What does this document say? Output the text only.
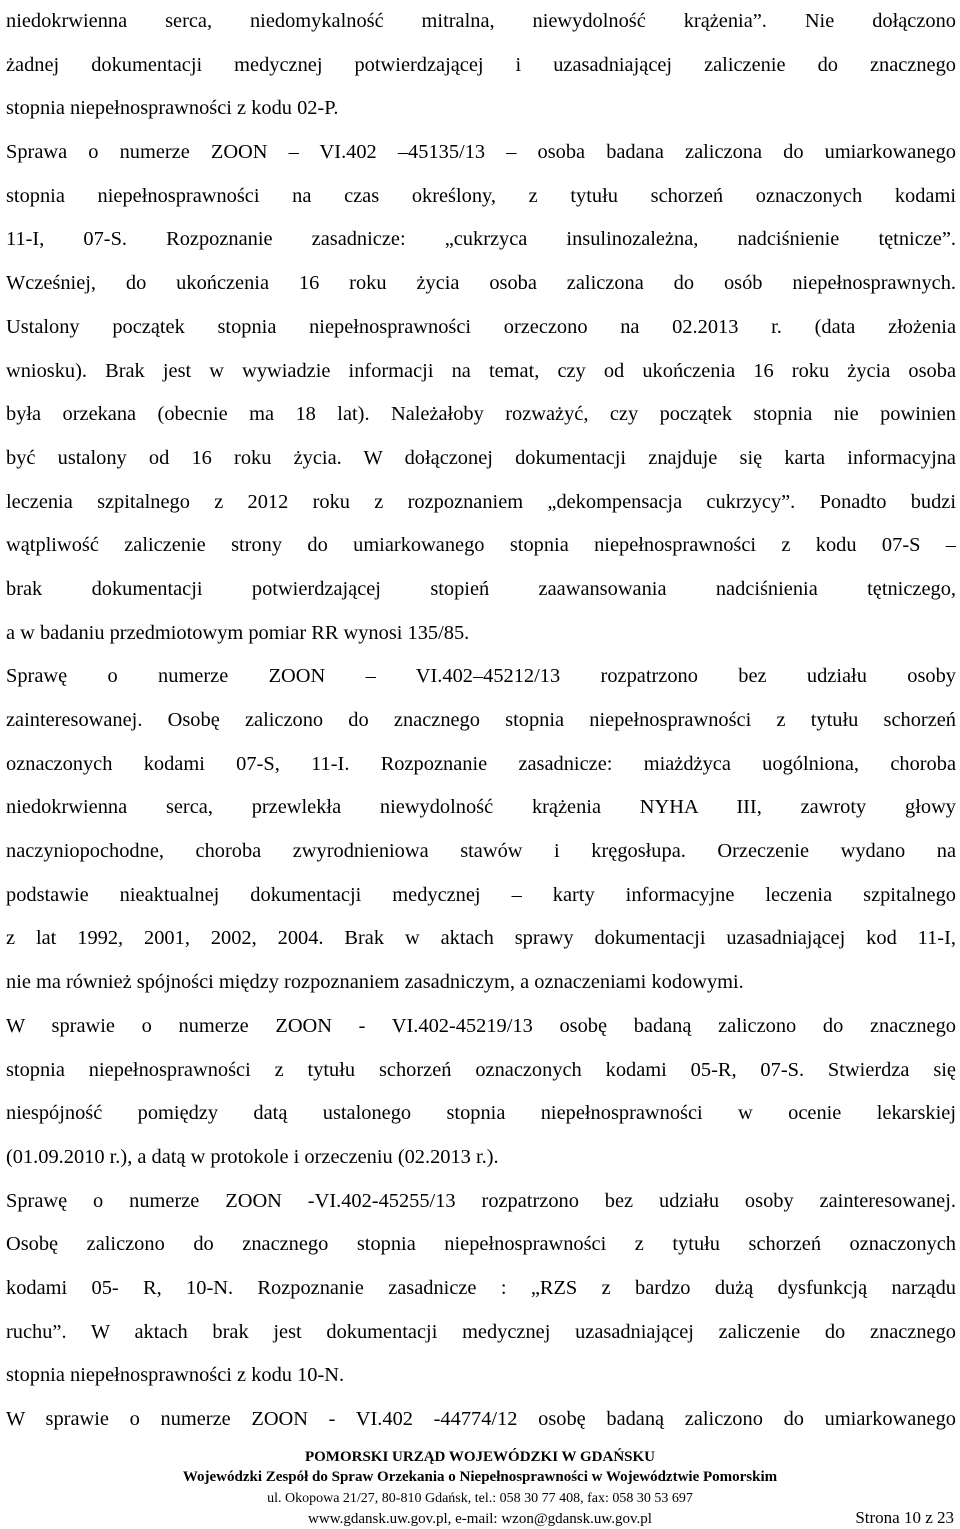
niedokrwienna serca, niedomykalność mitralna, niewydolność krążenia”. Nie dołączono
żadnej dokumentacji medycznej potwierdzającej i uzasadniającej zaliczenie do znacznego
stopnia niepełnosprawności z kodu 02-P.
Sprawa o numerze ZOON – VI.402 –45135/13 – osoba badana zaliczona do umiarkowanego
stopnia niepełnosprawności na czas określony, z tytułu schorzeń oznaczonych kodami
11-I, 07-S. Rozpoznanie zasadnicze: „cukrzyca insulinozależna, nadciśnienie tętnicze”.
Wcześniej, do ukończenia 16 roku życia osoba zaliczona do osób niepełnosprawnych.
Ustalony początek stopnia niepełnosprawności orzeczono na 02.2013 r. (data złożenia
wniosku). Brak jest w wywiadzie informacji na temat, czy od ukończenia 16 roku życia osoba
była orzekana (obecnie ma 18 lat). Należałoby rozważyć, czy początek stopnia nie powinien
być ustalony od 16 roku życia. W dołączonej dokumentacji znajduje się karta informacyjna
leczenia szpitalnego z 2012 roku z rozpoznaniem „dekompensacja cukrzycy”. Ponadto budzi
wątpliwość zaliczenie strony do umiarkowanego stopnia niepełnosprawności z kodu 07-S –
brak dokumentacji potwierdzającej stopień zaawansowania nadciśnienia tętniczego,
a w badaniu przedmiotowym pomiar RR wynosi 135/85.
Sprawę o numerze ZOON – VI.402–45212/13 rozpatrzono bez udziału osoby
zainteresowanej. Osobę zaliczono do znacznego stopnia niepełnosprawności z tytułu schorzeń
oznaczonych kodami 07-S, 11-I. Rozpoznanie zasadnicze: miażdżyca uogólniona, choroba
niedokrwienna serca, przewlekła niewydolność krążenia NYHA III, zawroty głowy
naczyniopochodne, choroba zwyrodnieniowa stawów i kręgosłupa. Orzeczenie wydano na
podstawie nieaktualnej dokumentacji medycznej – karty informacyjne leczenia szpitalnego
z lat 1992, 2001, 2002, 2004. Brak w aktach sprawy dokumentacji uzasadniającej kod 11-I,
nie ma również spójności między rozpoznaniem zasadniczym, a oznaczeniami kodowymi.
W sprawie o numerze ZOON - VI.402-45219/13 osobę badaną zaliczono do znacznego
stopnia niepełnosprawności z tytułu schorzeń oznaczonych kodami 05-R, 07-S. Stwierdza się
niespójność pomiędzy datą ustalonego stopnia niepełnosprawności w ocenie lekarskiej
(01.09.2010 r.), a datą w protokole i orzeczeniu (02.2013 r.).
Sprawę o numerze ZOON -VI.402-45255/13 rozpatrzono bez udziału osoby zainteresowanej.
Osobę zaliczono do znacznego stopnia niepełnosprawności z tytułu schorzeń oznaczonych
kodami 05- R, 10-N. Rozpoznanie zasadnicze : „RZS z bardzo dużą dysfunkcją narządu
ruchu”. W aktach brak jest dokumentacji medycznej uzasadniającej zaliczenie do znacznego
stopnia niepełnosprawności z kodu 10-N.
W sprawie o numerze ZOON - VI.402 -44774/12 osobę badaną zaliczono do umiarkowanego
POMORSKI URZĄD WOJEWÓDZKI W GDAŃSKU
Wojewódzki Zespół do Spraw Orzekania o Niepełnosprawności w Województwie Pomorskim
ul. Okopowa 21/27, 80-810 Gdańsk, tel.: 058 30 77 408, fax: 058 30 53 697
www.gdansk.uw.gov.pl, e-mail: wzon@gdansk.uw.gov.pl	Strona 10 z 23
